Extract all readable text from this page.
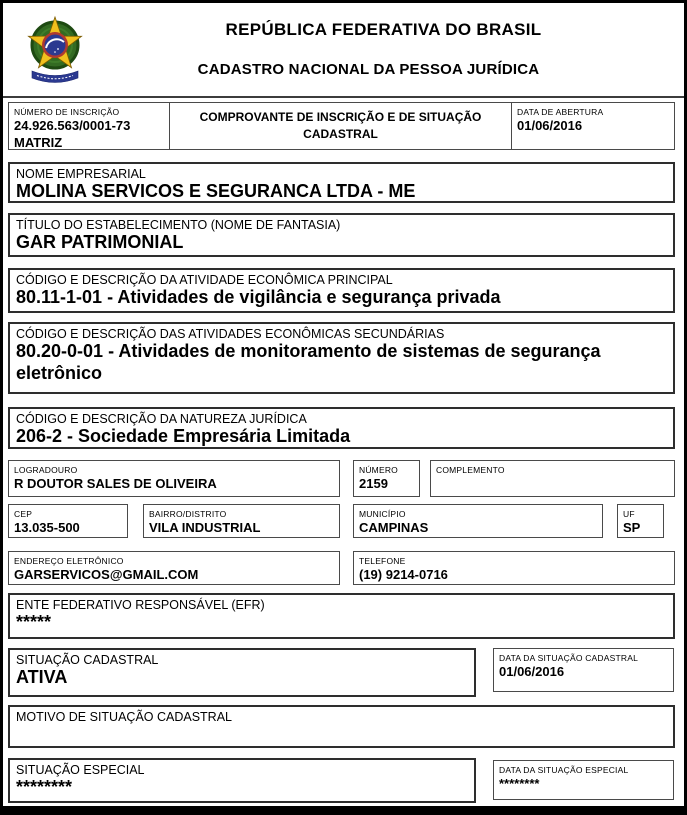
REPÚBLICA FEDERATIVA DO BRASIL
CADASTRO NACIONAL DA PESSOA JURÍDICA
NÚMERO DE INSCRIÇÃO
24.926.563/0001-73
MATRIZ
COMPROVANTE DE INSCRIÇÃO E DE SITUAÇÃO CADASTRAL
DATA DE ABERTURA
01/06/2016
NOME EMPRESARIAL
MOLINA SERVICOS E SEGURANCA LTDA - ME
TÍTULO DO ESTABELECIMENTO (NOME DE FANTASIA)
GAR PATRIMONIAL
CÓDIGO E DESCRIÇÃO DA ATIVIDADE ECONÔMICA PRINCIPAL
80.11-1-01 - Atividades de vigilância e segurança privada
CÓDIGO E DESCRIÇÃO DAS ATIVIDADES ECONÔMICAS SECUNDÁRIAS
80.20-0-01 - Atividades de monitoramento de sistemas de segurança eletrônico
CÓDIGO E DESCRIÇÃO DA NATUREZA JURÍDICA
206-2 - Sociedade Empresária Limitada
LOGRADOURO
R DOUTOR SALES DE OLIVEIRA
NÚMERO
2159
COMPLEMENTO
CEP
13.035-500
BAIRRO/DISTRITO
VILA INDUSTRIAL
MUNICÍPIO
CAMPINAS
UF
SP
ENDEREÇO ELETRÔNICO
GARSERVICOS@GMAIL.COM
TELEFONE
(19) 9214-0716
ENTE FEDERATIVO RESPONSÁVEL (EFR)
*****
SITUAÇÃO CADASTRAL
ATIVA
DATA DA SITUAÇÃO CADASTRAL
01/06/2016
MOTIVO DE SITUAÇÃO CADASTRAL
SITUAÇÃO ESPECIAL
********
DATA DA SITUAÇÃO ESPECIAL
********
